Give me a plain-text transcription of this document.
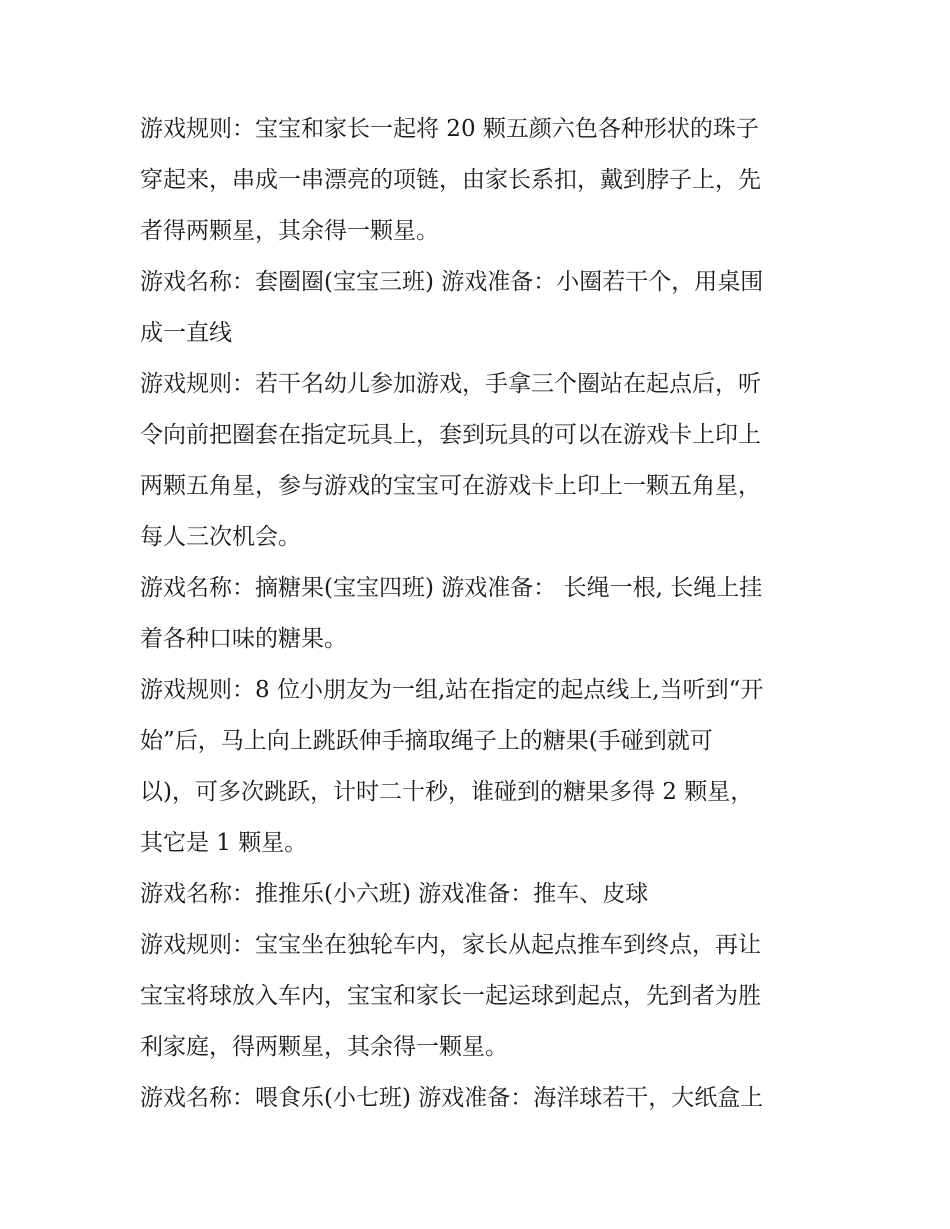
游戏规则：宝宝和家长一起将 20 颗五颜六色各种形状的珠子
穿起来，串成一串漂亮的项链，由家长系扣，戴到脖子上，先
者得两颗星，其余得一颗星。
游戏名称：套圈圈(宝宝三班) 游戏准备：小圈若干个，用桌围
成一直线
游戏规则：若干名幼儿参加游戏，手拿三个圈站在起点后，听
令向前把圈套在指定玩具上，套到玩具的可以在游戏卡上印上
两颗五角星，参与游戏的宝宝可在游戏卡上印上一颗五角星，
每人三次机会。
游戏名称：摘糖果(宝宝四班) 游戏准备： 长绳一根, 长绳上挂
着各种口味的糖果。
游戏规则：8 位小朋友为一组,站在指定的起点线上,当听到“开
始”后，马上向上跳跃伸手摘取绳子上的糖果(手碰到就可
以)，可多次跳跃，计时二十秒，谁碰到的糖果多得 2 颗星，
其它是 1 颗星。
游戏名称：推推乐(小六班) 游戏准备：推车、皮球
游戏规则：宝宝坐在独轮车内，家长从起点推车到终点，再让
宝宝将球放入车内，宝宝和家长一起运球到起点，先到者为胜
利家庭，得两颗星，其余得一颗星。
游戏名称：喂食乐(小七班) 游戏准备：海洋球若干，大纸盒上
